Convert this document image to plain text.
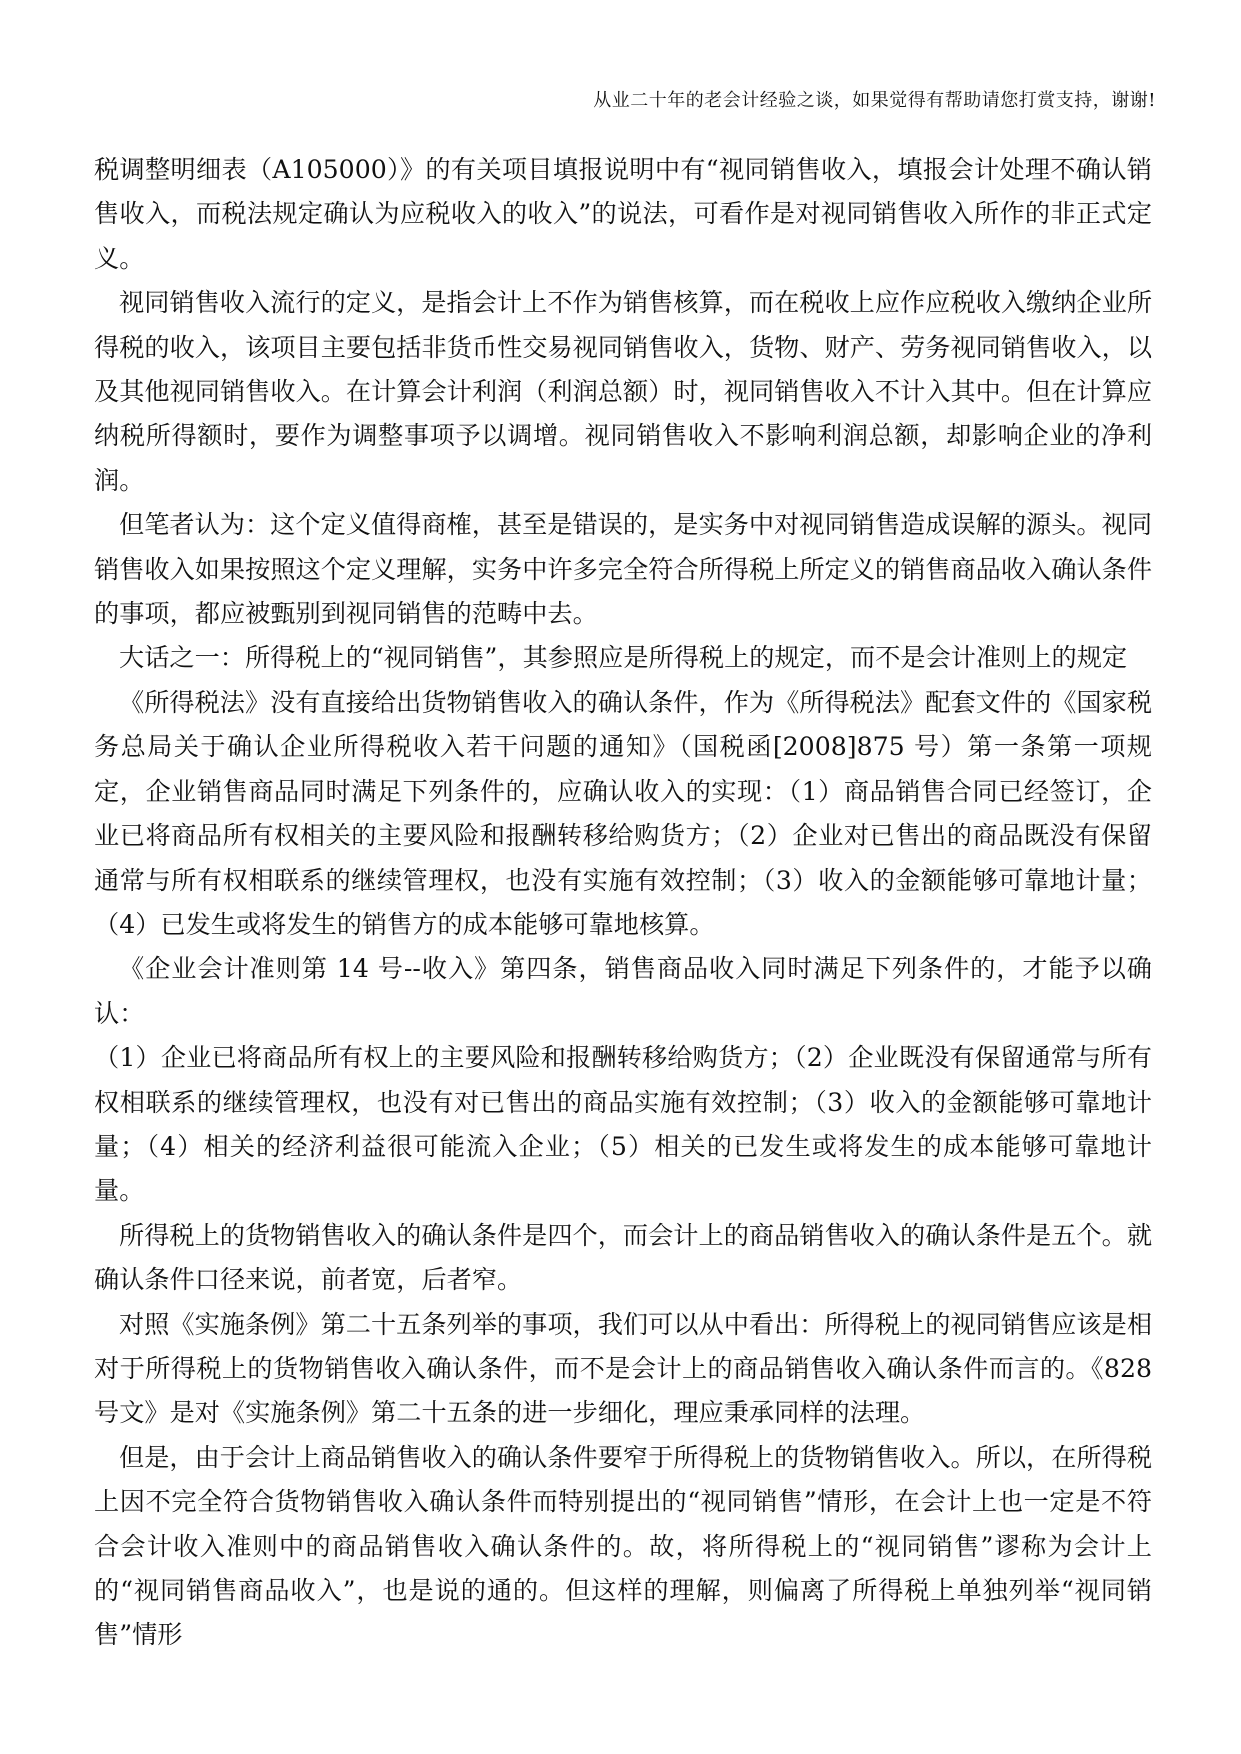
从业二十年的老会计经验之谈，如果觉得有帮助请您打赏支持，谢谢!

税调整明细表（A105000）》的有关项目填报说明中有“视同销售收入，填报会计处理不确认销售收入，而税法规定确认为应税收入的收入”的说法，可看作是对视同销售收入所作的非正式定义。

视同销售收入流行的定义，是指会计上不作为销售核算，而在税收上应作应税收入缴纳企业所得税的收入，该项目主要包括非货币性交易视同销售收入，货物、财产、劳务视同销售收入，以及其他视同销售收入。在计算会计利润（利润总额）时，视同销售收入不计入其中。但在计算应纳税所得额时，要作为调整事项予以调增。视同销售收入不影响利润总额，却影响企业的净利润。

但笔者认为：这个定义值得商榷，甚至是错误的，是实务中对视同销售造成误解的源头。视同销售收入如果按照这个定义理解，实务中许多完全符合所得税上所定义的销售商品收入确认条件的事项，都应被甄别到视同销售的范畴中去。

大话之一：所得税上的“视同销售”，其参照应是所得税上的规定，而不是会计准则上的规定

《所得税法》没有直接给出货物销售收入的确认条件，作为《所得税法》配套文件的《国家税务总局关于确认企业所得税收入若干问题的通知》（国税函[2008]875 号）第一条第一项规定，企业销售商品同时满足下列条件的，应确认收入的实现：（1）商品销售合同已经签订，企业已将商品所有权相关的主要风险和报酬转移给购货方；（2）企业对已售出的商品既没有保留通常与所有权相联系的继续管理权，也没有实施有效控制；（3）收入的金额能够可靠地计量；（4）已发生或将发生的销售方的成本能够可靠地核算。

《企业会计准则第 14 号--收入》第四条，销售商品收入同时满足下列条件的，才能予以确认：

（1）企业已将商品所有权上的主要风险和报酬转移给购货方；（2）企业既没有保留通常与所有权相联系的继续管理权，也没有对已售出的商品实施有效控制；（3）收入的金额能够可靠地计量；（4）相关的经济利益很可能流入企业；（5）相关的已发生或将发生的成本能够可靠地计量。

所得税上的货物销售收入的确认条件是四个，而会计上的商品销售收入的确认条件是五个。就确认条件口径来说，前者宽，后者窄。

对照《实施条例》第二十五条列举的事项，我们可以从中看出：所得税上的视同销售应该是相对于所得税上的货物销售收入确认条件，而不是会计上的商品销售收入确认条件而言的。《828 号文》是对《实施条例》第二十五条的进一步细化，理应秉承同样的法理。

但是，由于会计上商品销售收入的确认条件要窄于所得税上的货物销售收入。所以，在所得税上因不完全符合货物销售收入确认条件而特别提出的“视同销售”情形，在会计上也一定是不符合会计收入准则中的商品销售收入确认条件的。故，将所得税上的“视同销售”谬称为会计上的“视同销售商品收入”，也是说的通的。但这样的理解，则偏离了所得税上单独列举“视同销售”情形
